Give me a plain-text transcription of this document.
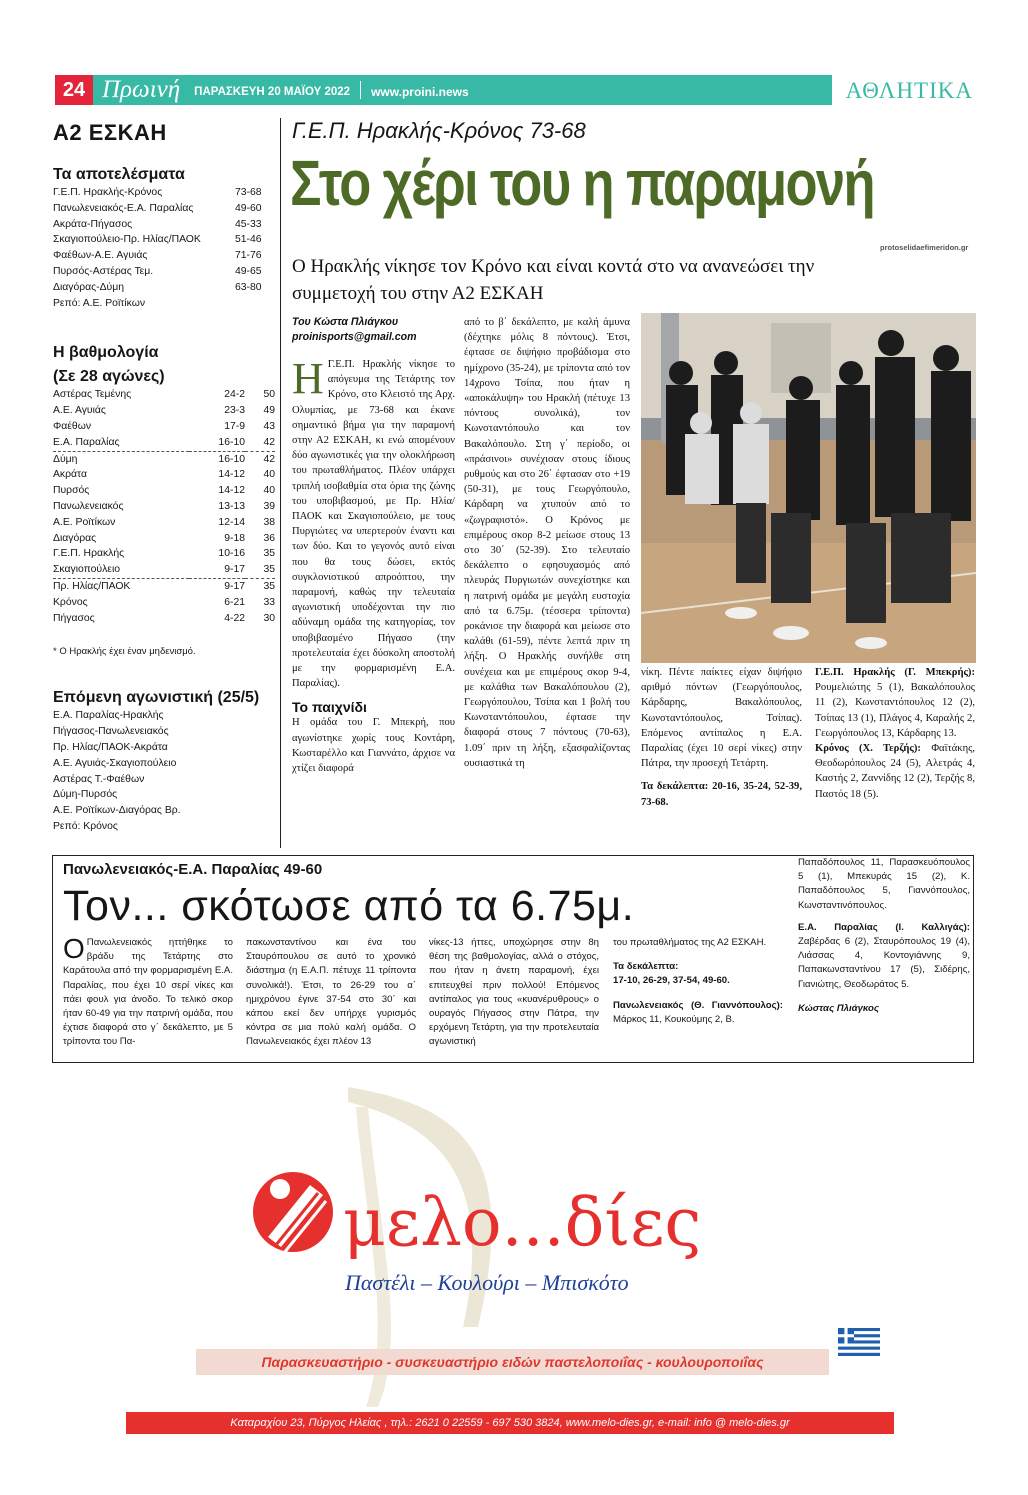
24 Πρωινή ΠΑΡΑΣΚΕΥΗ 20 ΜΑΪΟΥ 2022 www.proini.news	ΑΘΛΗΤΙΚΑ
Α2 ΕΣΚΑΗ
Τα αποτελέσματα
Γ.Ε.Π. Ηρακλής-Κρόνος	73-68
Πανωλενειακός-Ε.Α. Παραλίας	49-60
Ακράτα-Πήγασος	45-33
Σκαγιοπούλειο-Πρ. Ηλίας/ΠΑΟΚ	51-46
Φαέθων-Α.Ε. Αγυιάς	71-76
Πυρσός-Αστέρας Τεμ.	49-65
Διαγόρας-Δύμη	63-80
Ρεπό: Α.Ε. Ροϊτίκων	
Η βαθμολογία
(Σε 28 αγώνες)
Αστέρας Τεμένης	24-2	50
Α.Ε. Αγυιάς	23-3	49
Φαέθων	17-9	43
Ε.Α. Παραλίας	16-10	42
Δύμη	16-10	42
Ακράτα	14-12	40
Πυρσός	14-12	40
Πανωλενειακός	13-13	39
Α.Ε. Ροϊτίκων	12-14	38
Διαγόρας	9-18	36
Γ.Ε.Π. Ηρακλής	10-16	35
Σκαγιοπούλειο	9-17	35
Πρ. Ηλίας/ΠΑΟΚ	9-17	35
Κρόνος	6-21	33
Πήγασος	4-22	30
* Ο Ηρακλής έχει έναν μηδενισμό.
Επόμενη αγωνιστική (25/5)
Ε.Α. Παραλίας-Ηρακλής
Πήγασος-Πανωλενειακός
Πρ. Ηλίας/ΠΑΟΚ-Ακράτα
Α.Ε. Αγυιάς-Σκαγιοπούλειο
Αστέρας Τ.-Φαέθων
Δύμη-Πυρσός
Α.Ε. Ροϊτίκων-Διαγόρας Βρ.
Ρεπό: Κρόνος
Γ.Ε.Π. Ηρακλής-Κρόνος 73-68
Στο χέρι του η παραμονή
protoselidaefimeridon.gr
Ο Ηρακλής νίκησε τον Κρόνο και είναι κοντά στο να ανανεώσει την συμμετοχή του στην Α2 ΕΣΚΑΗ
Του Κώστα Πλιάγκου
proinisports@gmail.com
Η Γ.Ε.Π. Ηρακλής νίκησε το απόγευμα της Τετάρτης τον Κρόνο, στο Κλειστό της Αρχ. Ολυμπίας, με 73-68 και έκανε σημαντικό βήμα για την παραμονή στην Α2 ΕΣΚΑΗ, κι ενώ απομένουν δύο αγωνιστικές για την ολοκλήρωση του πρωταθλήματος. Πλέον υπάρχει τριπλή ισοβαθμία στα όρια της ζώνης του υποβιβασμού, με Πρ. Ηλία/ΠΑΟΚ και Σκαγιοπούλειο, με τους Πυργιώτες να υπερτερούν έναντι και των δύο. Και το γεγονός αυτό είναι που θα τους δώσει, εκτός συγκλονιστικού απροόπτου, την παραμονή, καθώς την τελευταία αγωνιστική υποδέχονται την πιο αδύναμη ομάδα της κατηγορίας, τον υποβιβασμένο Πήγασο (την προτελευταία έχει δύσκολη αποστολή με την φορμαρισμένη Ε.Α. Παραλίας).
Το παιχνίδι
Η ομάδα του Γ. Μπεκρή, που αγωνίστηκε χωρίς τους Κοντάρη, Κωσταρέλλο και Γιαννάτο, άρχισε να χτίζει διαφορά
από το β΄ δεκάλεπτο, με καλή άμυνα (δέχτηκε μόλις 8 πόντους). Έτσι, έφτασε σε διψήφιο προβάδισμα στο ημίχρονο (35-24), με τρίποντα από τον 14χρονο Τσίπα, που ήταν η «αποκάλυψη» του Ηρακλή (πέτυχε 13 πόντους συνολικά), τον Κωνσταντόπουλο και τον Βακαλόπουλο. Στη γ΄ περίοδο, οι «πράσινοι» συνέχισαν στους ίδιους ρυθμούς και στο 26΄ έφτασαν στο +19 (50-31), με τους Γεωργόπουλο, Κάρδαρη να χτυπούν από το «ζωγραφιστό». Ο Κρόνος με επιμέρους σκορ 8-2 μείωσε στους 13 στο 30΄ (52-39). Στο τελευταίο δεκάλεπτο ο εφησυχασμός από πλευράς Πυργιωτών συνεχίστηκε και η πατρινή ομάδα με μεγάλη ευστοχία από τα 6.75μ. (τέσσερα τρίποντα) ροκάνισε την διαφορά και μείωσε στο καλάθι (61-59), πέντε λεπτά πριν τη λήξη. Ο Ηρακλής συνήλθε στη συνέχεια και με επιμέρους σκορ 9-4, με καλάθια των Βακαλόπουλου (2), Γεωργόπουλου, Τσίπα και 1 βολή του Κωνσταντόπουλου, έφτασε την διαφορά στους 7 πόντους (70-63), 1.09΄ πριν τη λήξη, εξασφαλίζοντας ουσιαστικά τη
νίκη. Πέντε παίκτες είχαν διψήφιο αριθμό πόντων (Γεωργόπουλος, Κάρδαρης, Βακαλόπουλος, Κωνσταντόπουλος, Τσίπας). Επόμενος αντίπαλος η Ε.Α. Παραλίας (έχει 10 σερί νίκες) στην Πάτρα, την προσεχή Τετάρτη.
Τα δεκάλεπτα: 20-16, 35-24, 52-39, 73-68.
Γ.Ε.Π. Ηρακλής (Γ. Μπεκρής): Ρουμελιώτης 5 (1), Βακαλόπουλος 11 (2), Κωνσταντόπουλος 12 (2), Τσίπας 13 (1), Πλάγος 4, Καραλής 2, Γεωργόπουλος 13, Κάρδαρης 13.
Κρόνος (Χ. Τερζής): Φαϊτάκης, Θεοδωρόπουλος 24 (5), Αλετράς 4, Καστής 2, Ζαννίδης 12 (2), Τερζής 8, Παστός 18 (5).
Πανωλενειακός-Ε.Α. Παραλίας 49-60
Τον... σκότωσε από τα 6.75μ.
Ο Πανωλενειακός ηττήθηκε το βράδυ της Τετάρτης στο Καράτουλα από την φορμαρισμένη Ε.Α. Παραλίας, που έχει 10 σερί νίκες και πάει φουλ για άνοδο. Το τελικό σκορ ήταν 60-49 για την πατρινή ομάδα, που έχτισε διαφορά στο γ΄ δεκάλεπτο, με 5 τρίποντα του Πα-
πακωνσταντίνου και ένα του Σταυρόπουλου σε αυτό το χρονικό διάστημα (η Ε.Α.Π. πέτυχε 11 τρίποντα συνολικά!). Έτσι, το 26-29 του α΄ ημιχρόνου έγινε 37-54 στο 30΄ και κάπου εκεί δεν υπήρχε γυρισμός κόντρα σε μια πολύ καλή ομάδα. Ο Πανωλενειακός έχει πλέον 13
νίκες-13 ήττες, υποχώρησε στην 8η θέση της βαθμολογίας, αλλά ο στόχος, που ήταν η άνετη παραμονή, έχει επιτευχθεί πριν πολλού! Επόμενος αντίπαλος για τους «κυανέρυθρους» ο ουραγός Πήγασος στην Πάτρα, την ερχόμενη Τετάρτη, για την προτελευταία αγωνιστική
του πρωταθλήματος της Α2 ΕΣΚΑΗ.
Τα δεκάλεπτα:
17-10, 26-29, 37-54, 49-60.
Πανωλενειακός (Θ. Γιαννόπουλος): Μάρκος 11, Κουκούμης 2, Β.
Παπαδόπουλος 11, Παρασκευόπουλος 5 (1), Μπεκυράς 15 (2), Κ. Παπαδόπουλος 5, Γιαννόπουλος, Κωνσταντινόπουλος.
Ε.Α. Παραλίας (Ι. Καλλιγάς): Ζαβέρδας 6 (2), Σταυρόπουλος 19 (4), Λιάσσας 4, Κοντογιάννης 9, Παπακωνσταντίνου 17 (5), Σιδέρης, Γιανιώτης, Θεοδωράτος 5.
Κώστας Πλιάγκος
μελο...δίες
Παστέλι – Κουλούρι – Μπισκότο
Παρασκευαστήριο - συσκευαστήριο ειδών παστελοποιΐας - κουλουροποιΐας
Καταραχίου 23, Πύργος Ηλείας , τηλ.: 2621 0 22559 - 697 530 3824, www.melo-dies.gr, e-mail: info @ melo-dies.gr
